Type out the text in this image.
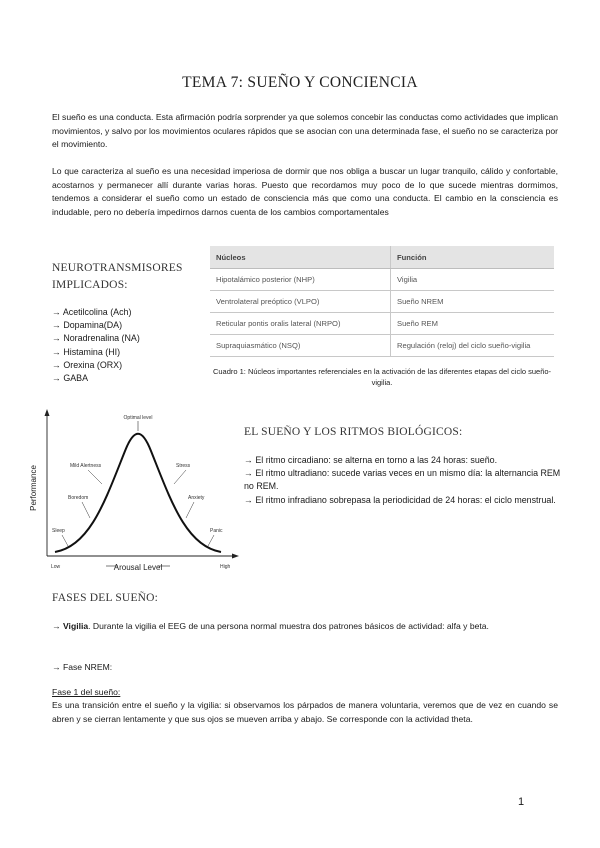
TEMA 7: SUEÑO Y CONCIENCIA
El sueño es una conducta. Esta afirmación podría sorprender ya que solemos concebir las conductas como actividades que implican movimientos, y salvo por los movimientos oculares rápidos que se asocian con una determinada fase, el sueño no se caracteriza por el movimiento.
Lo que caracteriza al sueño es una necesidad imperiosa de dormir que nos obliga a buscar un lugar tranquilo, cálido y confortable, acostarnos y permanecer allí durante varias horas. Puesto que recordamos muy poco de lo que sucede mientras dormimos, tendemos a considerar el sueño como un estado de consciencia más que como una conducta. El cambio en la consciencia es indudable, pero no debería impedirnos darnos cuenta de los cambios comportamentales
NEUROTRANSMISORES
IMPLICADOS:
→ Acetilcolina (Ach)
→ Dopamina(DA)
→ Noradrenalina (NA)
→ Histamina (HI)
→ Orexina (ORX)
→ GABA
Núcleos	Función
Hipotalámico posterior (NHP)	Vigilia
Ventrolateral preóptico (VLPO)	Sueño NREM
Reticular pontis oralis lateral (NRPO)	Sueño REM
Supraquiasmático (NSQ)	Regulación (reloj) del ciclo sueño-vigilia
Cuadro 1: Núcleos importantes referenciales en la activación de las diferentes etapas del ciclo sueño-vigilia.
Performance
Arousal Level
Low	High
Optimal level
Mild Alertness
Boredom
Sleep
Stress
Anxiety
Panic
EL SUEÑO Y LOS RITMOS BIOLÓGICOS:
→ El ritmo circadiano: se alterna en torno a las 24 horas: sueño.
→ El ritmo ultradiano: sucede varias veces en un mismo día: la alternancia REM no REM.
→ El ritmo infradiano sobrepasa la periodicidad de 24 horas: el ciclo menstrual.
FASES DEL SUEÑO:
→ Vigilia. Durante la vigilia el EEG de una persona normal muestra dos patrones básicos de actividad: alfa y beta.
→ Fase NREM:
Fase 1 del sueño:
Es una transición entre el sueño y la vigilia: si observamos los párpados de manera voluntaria, veremos que de vez en cuando se abren y se cierran lentamente y que sus ojos se mueven arriba y abajo. Se corresponde con la actividad theta.
1
